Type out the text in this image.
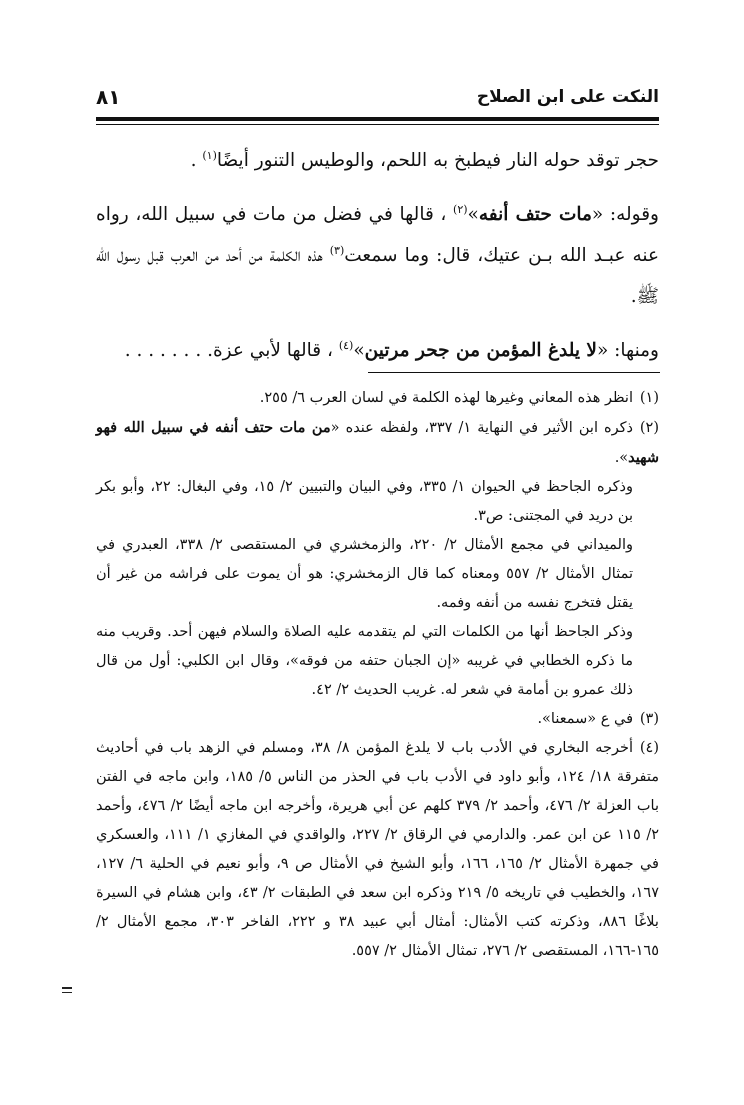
النكت على ابن الصلاح
٨١

حجر توقد حوله النار فيطبخ به اللحم، والوطيس التنور أيضًا$^{(١)}$ .

وقوله: «مات حتف أنفه»$^{(٢)}$ ، قالها في فضل من مات في سبيل الله، رواه عنه عبـد الله بـن عتيك، قال: وما سمعت$^{(٣)}$ هذه الكلمة من أحد من العرب قبل رسول الله ﷺ.

ومنها: «لا يلدغ المؤمن من جحر مرتين»$^{(٤)}$ ، قالها لأبي عزة. . . . . . . .

(١)انظر هذه المعاني وغيرها لهذه الكلمة في لسان العرب ٦/ ٢٥٥.

(٢)ذكره ابن الأثير في النهاية ١/ ٣٣٧، ولفظه عنده «من مات حتف أنفه في سبيل الله فهو شهيد».

وذكره الجاحظ في الحيوان ١/ ٣٣٥، وفي البيان والتبيين ٢/ ١٥، وفي البغال: ٢٢، وأبو بكر بن دريد في المجتنى: ص٣.

والميداني في مجمع الأمثال ٢/ ٢٢٠، والزمخشري في المستقصى ٢/ ٣٣٨، العبدري في تمثال الأمثال ٢/ ٥٥٧ ومعناه كما قال الزمخشري: هو أن يموت على فراشه من غير أن يقتل فتخرج نفسه من أنفه وفمه.

وذكر الجاحظ أنها من الكلمات التي لم يتقدمه عليه الصلاة والسلام فيهن أحد. وقريب منه ما ذكره الخطابي في غريبه «إن الجبان حتفه من فوقه»، وقال ابن الكلبي: أول من قال ذلك عمرو بن أمامة في شعر له. غريب الحديث ٢/ ٤٢.

(٣)في ع «سمعنا».

(٤)أخرجه البخاري في الأدب باب لا يلدغ المؤمن ٨/ ٣٨، ومسلم في الزهد باب في أحاديث متفرقة ١٨/ ١٢٤، وأبو داود في الأدب باب في الحذر من الناس ٥/ ١٨٥، وابن ماجه في الفتن باب العزلة ٢/ ٤٧٦، وأحمد ٢/ ٣٧٩ كلهم عن أبي هريرة، وأخرجه ابن ماجه أيضًا ٢/ ٤٧٦، وأحمد ٢/ ١١٥ عن ابن عمر. والدارمي في الرقاق ٢/ ٢٢٧، والواقدي في المغازي ١/ ١١١، والعسكري في جمهرة الأمثال ٢/ ١٦٥، ١٦٦، وأبو الشيخ في الأمثال ص ٩، وأبو نعيم في الحلية ٦/ ١٢٧، ١٦٧، والخطيب في تاريخه ٥/ ٢١٩ وذكره ابن سعد في الطبقات ٢/ ٤٣، وابن هشام في السيرة بلاغًا ٨٨٦، وذكرته كتب الأمثال: أمثال أبي عبيد ٣٨ و ٢٢٢، الفاخر ٣٠٣، مجمع الأمثال ٢/ ١٦٥-١٦٦، المستقصى ٢/ ٢٧٦، تمثال الأمثال ٢/ ٥٥٧.
